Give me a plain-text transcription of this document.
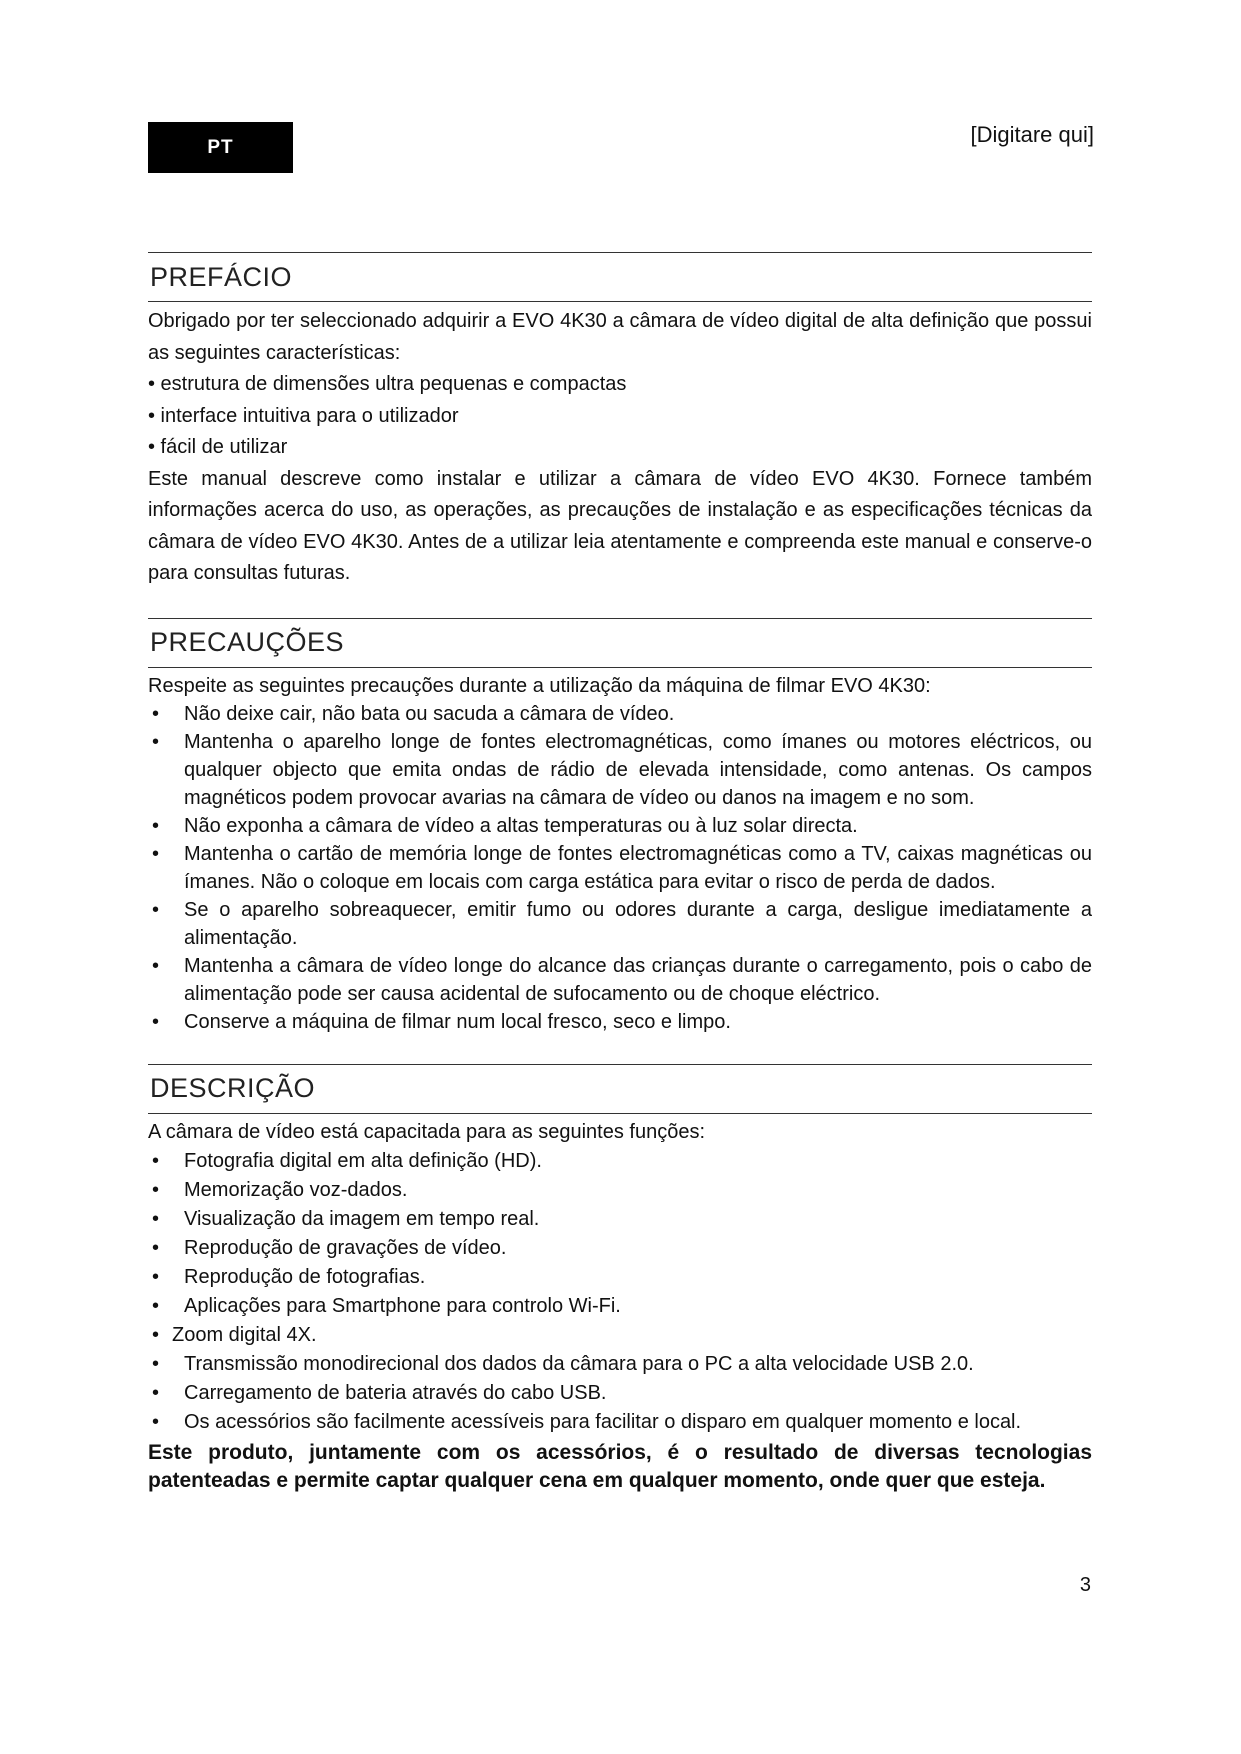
PT	[Digitare qui]
PREFÁCIO
Obrigado por ter seleccionado adquirir a EVO 4K30 a câmara de vídeo digital de alta definição que possui as seguintes características:
• estrutura de dimensões ultra pequenas e compactas
• interface intuitiva para o utilizador
• fácil de utilizar
Este manual descreve como instalar e utilizar a câmara de vídeo EVO 4K30. Fornece também informações acerca do uso, as operações, as precauções de instalação e as especificações técnicas da câmara de vídeo EVO 4K30. Antes de a utilizar leia atentamente e compreenda este manual e conserve-o para consultas futuras.
PRECAUÇÕES
Respeite as seguintes precauções durante a utilização da máquina de filmar EVO 4K30:
• Não deixe cair, não bata ou sacuda a câmara de vídeo.
• Mantenha o aparelho longe de fontes electromagnéticas, como ímanes ou motores eléctricos, ou qualquer objecto que emita ondas de rádio de elevada intensidade, como antenas. Os campos magnéticos podem provocar avarias na câmara de vídeo ou danos na imagem e no som.
• Não exponha a câmara de vídeo a altas temperaturas ou à luz solar directa.
• Mantenha o cartão de memória longe de fontes electromagnéticas como a TV, caixas magnéticas ou ímanes. Não o coloque em locais com carga estática para evitar o risco de perda de dados.
• Se o aparelho sobreaquecer, emitir fumo ou odores durante a carga, desligue imediatamente a alimentação.
• Mantenha a câmara de vídeo longe do alcance das crianças durante o carregamento, pois o cabo de alimentação pode ser causa acidental de sufocamento ou de choque eléctrico.
• Conserve a máquina de filmar num local fresco, seco e limpo.
DESCRIÇÃO
A câmara de vídeo está capacitada para as seguintes funções:
• Fotografia digital em alta definição (HD).
• Memorização voz-dados.
• Visualização da imagem em tempo real.
• Reprodução de gravações de vídeo.
• Reprodução de fotografias.
• Aplicações para Smartphone para controlo Wi-Fi.
• Zoom digital 4X.
• Transmissão monodirecional dos dados da câmara para o PC a alta velocidade USB 2.0.
• Carregamento de bateria através do cabo USB.
• Os acessórios são facilmente acessíveis para facilitar o disparo em qualquer momento e local.
Este produto, juntamente com os acessórios, é o resultado de diversas tecnologias patenteadas e permite captar qualquer cena em qualquer momento, onde quer que esteja.
3
